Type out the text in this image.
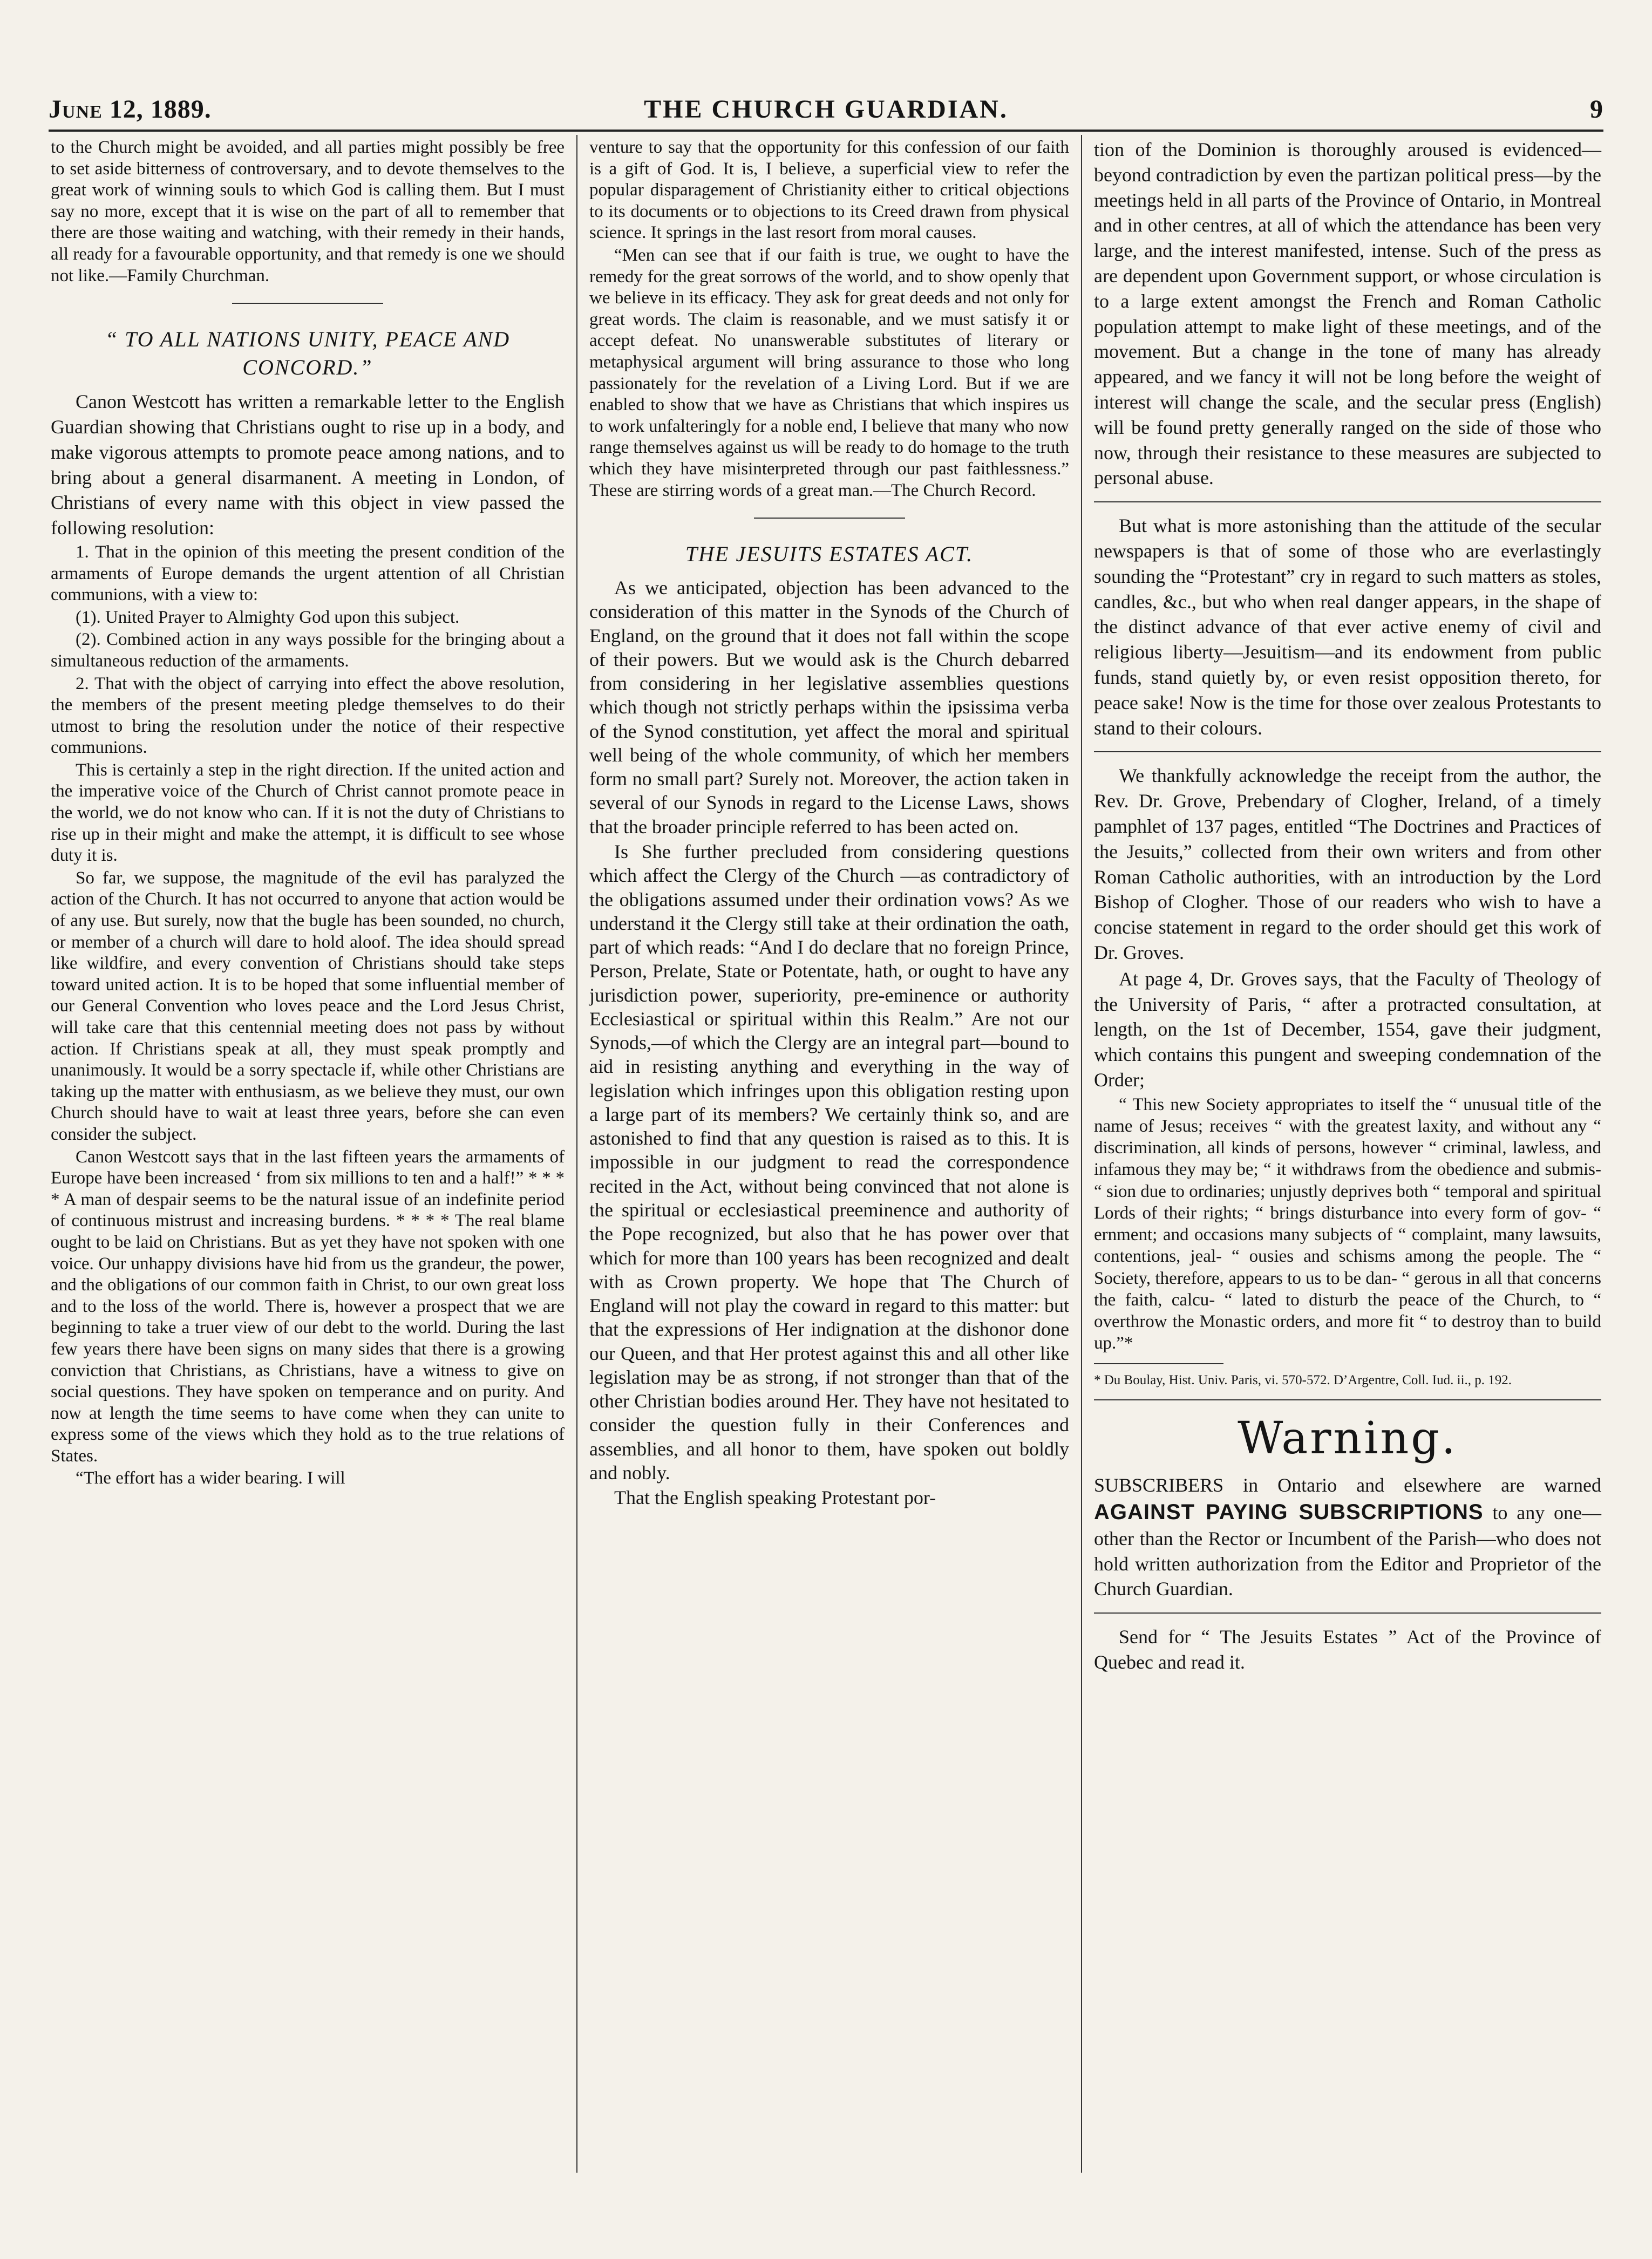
June 12, 1889.	THE CHURCH GUARDIAN.	9

to the Church might be avoided, and all parties might possibly be free to set aside bitterness of controversary, and to devote themselves to the great work of winning souls to which God is calling them. But I must say no more, except that it is wise on the part of all to remember that there are those waiting and watching, with their remedy in their hands, all ready for a favourable opportunity, and that remedy is one we should not like.—Family Churchman.

“ TO ALL NATIONS UNITY, PEACE AND CONCORD.”

Canon Westcott has written a remarkable letter to the English Guardian showing that Christians ought to rise up in a body, and make vigorous attempts to promote peace among nations, and to bring about a general disarmanent. A meeting in London, of Christians of every name with this object in view passed the following resolution:

1. That in the opinion of this meeting the present condition of the armaments of Europe demands the urgent attention of all Christian communions, with a view to:

(1). United Prayer to Almighty God upon this subject.

(2). Combined action in any ways possible for the bringing about a simultaneous reduction of the armaments.

2. That with the object of carrying into effect the above resolution, the members of the present meeting pledge themselves to do their utmost to bring the resolution under the notice of their respective communions.

This is certainly a step in the right direction. If the united action and the imperative voice of the Church of Christ cannot promote peace in the world, we do not know who can. If it is not the duty of Christians to rise up in their might and make the attempt, it is difficult to see whose duty it is.

So far, we suppose, the magnitude of the evil has paralyzed the action of the Church. It has not occurred to anyone that action would be of any use. But surely, now that the bugle has been sounded, no church, or member of a church will dare to hold aloof. The idea should spread like wildfire, and every convention of Christians should take steps toward united action. It is to be hoped that some influential member of our General Convention who loves peace and the Lord Jesus Christ, will take care that this centennial meeting does not pass by without action. If Christians speak at all, they must speak promptly and unanimously. It would be a sorry spectacle if, while other Christians are taking up the matter with enthusiasm, as we believe they must, our own Church should have to wait at least three years, before she can even consider the subject.

Canon Westcott says that in the last fifteen years the armaments of Europe have been increased ‘ from six millions to ten and a half!” * * * * A man of despair seems to be the natural issue of an indefinite period of continuous mistrust and increasing burdens. * * * * The real blame ought to be laid on Christians. But as yet they have not spoken with one voice. Our unhappy divisions have hid from us the grandeur, the power, and the obligations of our common faith in Christ, to our own great loss and to the loss of the world. There is, however a prospect that we are beginning to take a truer view of our debt to the world. During the last few years there have been signs on many sides that there is a growing conviction that Christians, as Christians, have a witness to give on social questions. They have spoken on temperance and on purity. And now at length the time seems to have come when they can unite to express some of the views which they hold as to the true relations of States.

“The effort has a wider bearing. I will

venture to say that the opportunity for this confession of our faith is a gift of God. It is, I believe, a superficial view to refer the popular disparagement of Christianity either to critical objections to its documents or to objections to its Creed drawn from physical science. It springs in the last resort from moral causes.

“Men can see that if our faith is true, we ought to have the remedy for the great sorrows of the world, and to show openly that we believe in its efficacy. They ask for great deeds and not only for great words. The claim is reasonable, and we must satisfy it or accept defeat. No unanswerable substitutes of literary or metaphysical argument will bring assurance to those who long passionately for the revelation of a Living Lord. But if we are enabled to show that we have as Christians that which inspires us to work unfalteringly for a noble end, I believe that many who now range themselves against us will be ready to do homage to the truth which they have misinterpreted through our past faithlessness.” These are stirring words of a great man.—The Church Record.

THE JESUITS ESTATES ACT.

As we anticipated, objection has been advanced to the consideration of this matter in the Synods of the Church of England, on the ground that it does not fall within the scope of their powers. But we would ask is the Church debarred from considering in her legislative assemblies questions which though not strictly perhaps within the ipsissima verba of the Synod constitution, yet affect the moral and spiritual well being of the whole community, of which her members form no small part? Surely not. Moreover, the action taken in several of our Synods in regard to the License Laws, shows that the broader principle referred to has been acted on.

Is She further precluded from considering questions which affect the Clergy of the Church —as contradictory of the obligations assumed under their ordination vows? As we understand it the Clergy still take at their ordination the oath, part of which reads: “And I do declare that no foreign Prince, Person, Prelate, State or Potentate, hath, or ought to have any jurisdiction power, superiority, pre-eminence or authority Ecclesiastical or spiritual within this Realm.” Are not our Synods,—of which the Clergy are an integral part—bound to aid in resisting anything and everything in the way of legislation which infringes upon this obligation resting upon a large part of its members? We certainly think so, and are astonished to find that any question is raised as to this. It is impossible in our judgment to read the correspondence recited in the Act, without being convinced that not alone is the spiritual or ecclesiastical preeminence and authority of the Pope recognized, but also that he has power over that which for more than 100 years has been recognized and dealt with as Crown property. We hope that The Church of England will not play the coward in regard to this matter: but that the expressions of Her indignation at the dishonor done our Queen, and that Her protest against this and all other like legislation may be as strong, if not stronger than that of the other Christian bodies around Her. They have not hesitated to consider the question fully in their Conferences and assemblies, and all honor to them, have spoken out boldly and nobly.

That the English speaking Protestant por-

tion of the Dominion is thoroughly aroused is evidenced—beyond contradiction by even the partizan political press—by the meetings held in all parts of the Province of Ontario, in Montreal and in other centres, at all of which the attendance has been very large, and the interest manifested, intense. Such of the press as are dependent upon Government support, or whose circulation is to a large extent amongst the French and Roman Catholic population attempt to make light of these meetings, and of the movement. But a change in the tone of many has already appeared, and we fancy it will not be long before the weight of interest will change the scale, and the secular press (English) will be found pretty generally ranged on the side of those who now, through their resistance to these measures are subjected to personal abuse.

But what is more astonishing than the attitude of the secular newspapers is that of some of those who are everlastingly sounding the “Protestant” cry in regard to such matters as stoles, candles, &c., but who when real danger appears, in the shape of the distinct advance of that ever active enemy of civil and religious liberty—Jesuitism—and its endowment from public funds, stand quietly by, or even resist opposition thereto, for peace sake! Now is the time for those over zealous Protestants to stand to their colours.

We thankfully acknowledge the receipt from the author, the Rev. Dr. Grove, Prebendary of Clogher, Ireland, of a timely pamphlet of 137 pages, entitled “The Doctrines and Practices of the Jesuits,” collected from their own writers and from other Roman Catholic authorities, with an introduction by the Lord Bishop of Clogher. Those of our readers who wish to have a concise statement in regard to the order should get this work of Dr. Groves.

At page 4, Dr. Groves says, that the Faculty of Theology of the University of Paris, “ after a protracted consultation, at length, on the 1st of December, 1554, gave their judgment, which contains this pungent and sweeping condemnation of the Order;

“ This new Society appropriates to itself the “ unusual title of the name of Jesus; receives “ with the greatest laxity, and without any “ discrimination, all kinds of persons, however “ criminal, lawless, and infamous they may be; “ it withdraws from the obedience and submis- “ sion due to ordinaries; unjustly deprives both “ temporal and spiritual Lords of their rights; “ brings disturbance into every form of gov- “ ernment; and occasions many subjects of “ complaint, many lawsuits, contentions, jeal- “ ousies and schisms among the people. The “ Society, therefore, appears to us to be dan- “ gerous in all that concerns the faith, calcu- “ lated to disturb the peace of the Church, to “ overthrow the Monastic orders, and more fit “ to destroy than to build up.”*

* Du Boulay, Hist. Univ. Paris, vi. 570-572. D’Argentre, Coll. Iud. ii., p. 192.
Warning.

SUBSCRIBERS in Ontario and elsewhere are warned AGAINST PAYING SUBSCRIPTIONS to any one—other than the Rector or Incumbent of the Parish—who does not hold written authorization from the Editor and Proprietor of the Church Guardian.

Send for “ The Jesuits Estates ” Act of the Province of Quebec and read it.
